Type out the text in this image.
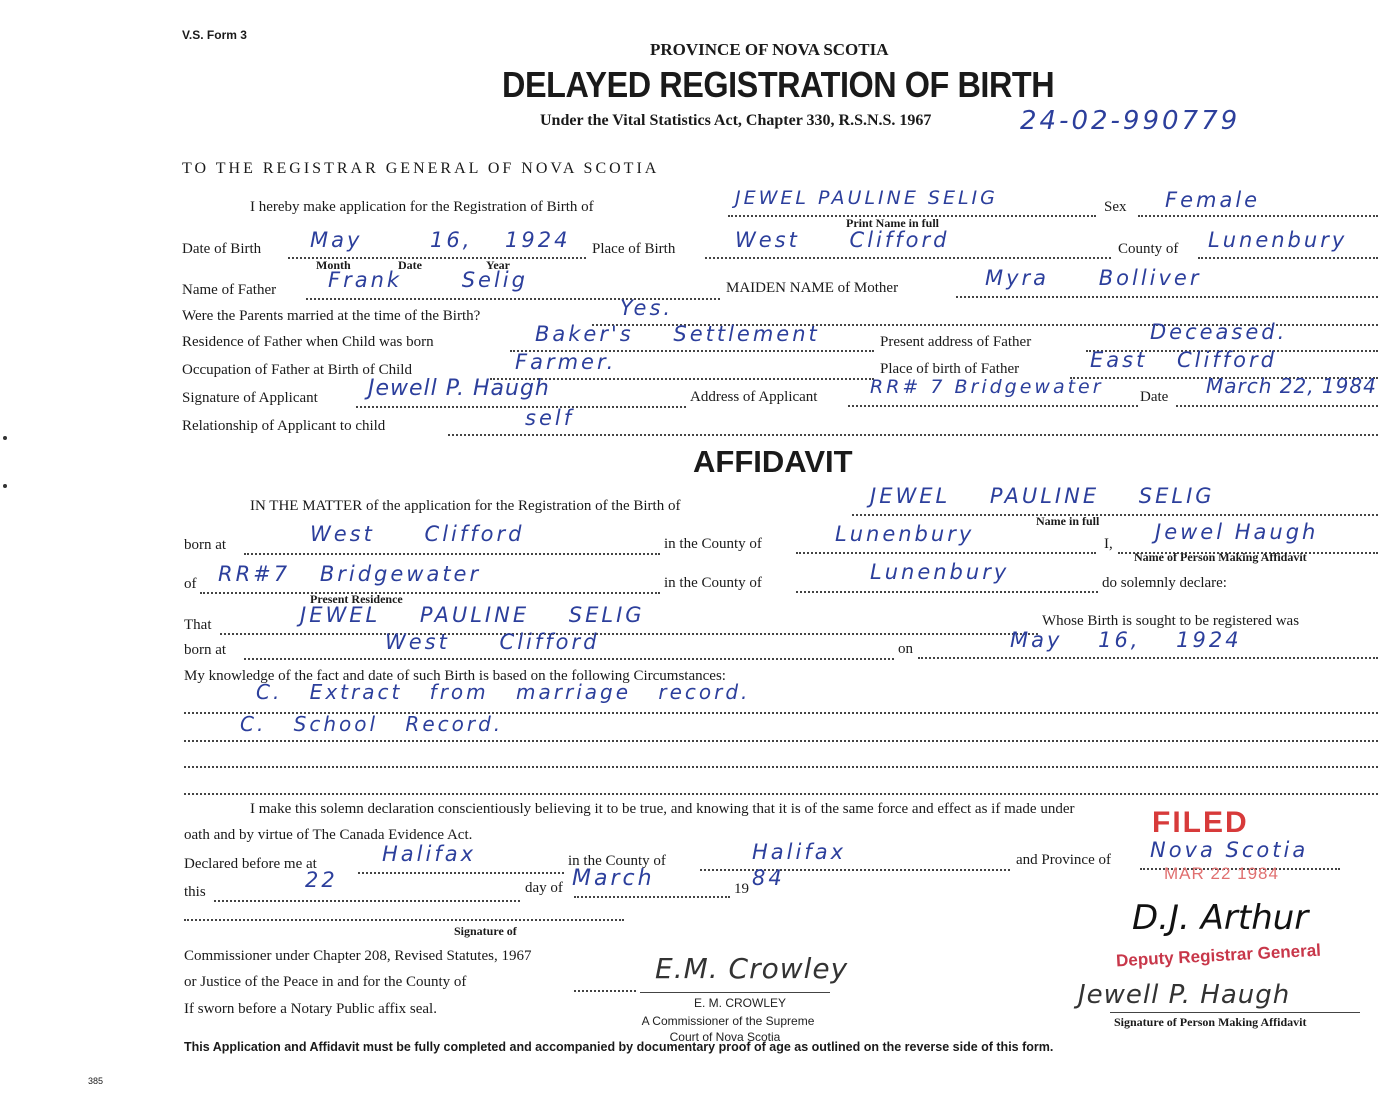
V.S. Form 3
PROVINCE OF NOVA SCOTIA
DELAYED REGISTRATION OF BIRTH
Under the Vital Statistics Act, Chapter 330, R.S.N.S. 1967	24-02-990779
TO THE REGISTRAR GENERAL OF NOVA SCOTIA
I hereby make application for the Registration of Birth of	JEWEL PAULINE SELIG	Sex Female
Print Name in full
Date of Birth May	16, 1924
Month	Date	Year
Place of Birth	West Clifford	County of Lunenbury
Name of Father Frank Selig	MAIDEN NAME of Mother	Myra Bolliver
Were the Parents married at the time of the Birth?	Yes.
Residence of Father when Child was born	Baker's Settlement	Present address of Father	Deceased.
Occupation of Father at Birth of Child	Farmer.	Place of birth of Father	East Clifford
Signature of Applicant Jewell P. Haugh	Address of Applicant	RR# 7 Bridgewater Date March 22, 1984
Relationship of Applicant to child	self
AFFIDAVIT
IN THE MATTER of the application for the Registration of the Birth of	JEWEL PAULINE SELIG
Name in full
born at	West Clifford	in the County of	Lunenbury	I, Jewel Haugh
Name of Person Making Affidavit
of RR#7 Bridgewater
Present Residence
in the County of	Lunenbury	do solemnly declare:
That	JEWEL PAULINE SELIG	Whose Birth is sought to be registered was
born at	West Clifford	on	May 16, 1924
My knowledge of the fact and date of such Birth is based on the following Circumstances:
C. Extract from marriage record.
C. School Record.
I make this solemn declaration conscientiously believing it to be true, and knowing that it is of the same force and effect as if made under
oath and by virtue of The Canada Evidence Act.
Declared before me at	Halifax	in the County of	Halifax	and Province of Nova Scotia
this	22	day of March	19 84
Signature of
Commissioner under Chapter 208, Revised Statutes, 1967
or Justice of the Peace in and for the County of
If sworn before a Notary Public affix seal.
E.M. Crowley
E. M. CROWLEY
A Commissioner of the Supreme
Court of Nova Scotia
FILED
MAR 22 1984
D.J. Arthur
Deputy Registrar General
Jewell P. Haugh
Signature of Person Making Affidavit
This Application and Affidavit must be fully completed and accompanied by documentary proof of age as outlined on the reverse side of this form.
385
